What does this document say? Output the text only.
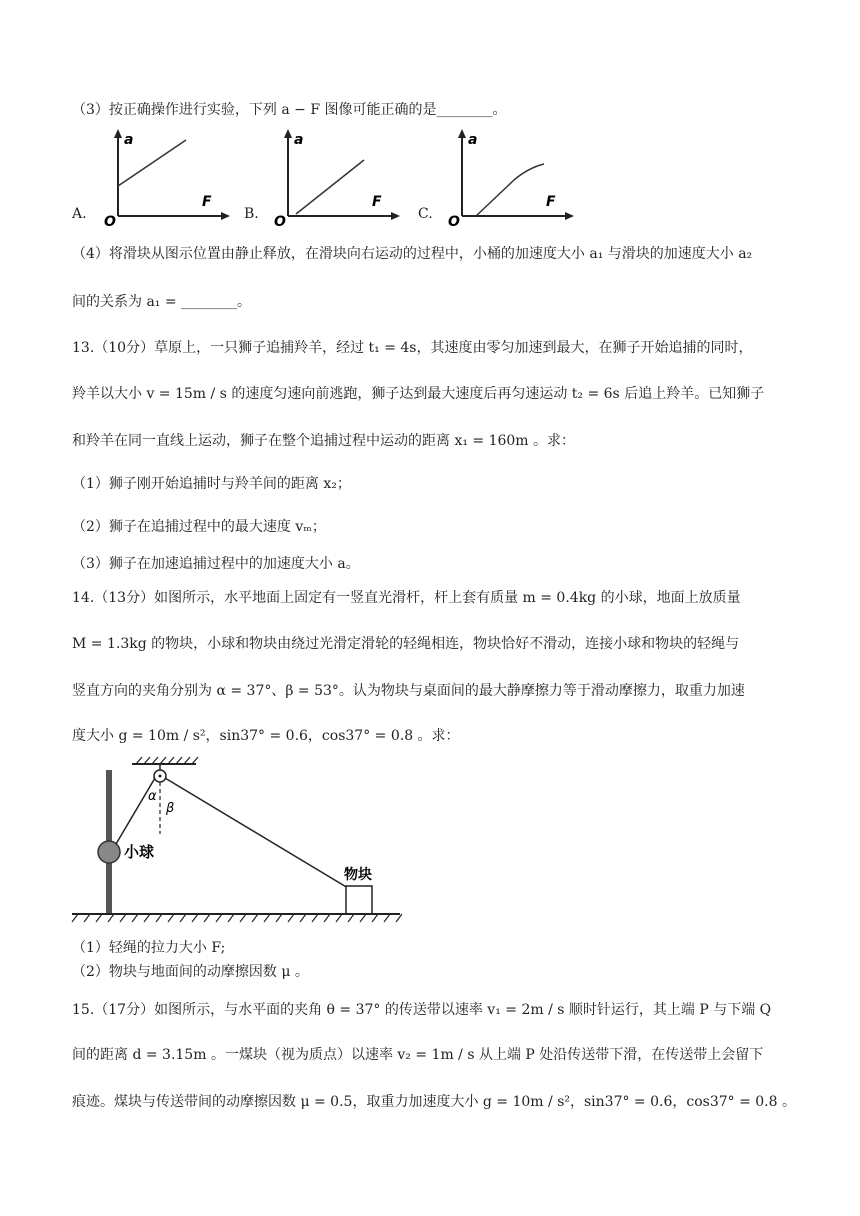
（3）按正确操作进行实验，下列 a − F 图像可能正确的是________。
A.
a
F
O	B.
a
F
O	C.
a
F
O
（4）将滑块从图示位置由静止释放，在滑块向右运动的过程中，小桶的加速度大小 a₁ 与滑块的加速度大小 a₂
间的关系为 a₁ = ________。
13.（10分）草原上，一只狮子追捕羚羊，经过 t₁ = 4s，其速度由零匀加速到最大，在狮子开始追捕的同时，
羚羊以大小 v = 15m / s 的速度匀速向前逃跑，狮子达到最大速度后再匀速运动 t₂ = 6s 后追上羚羊。已知狮子
和羚羊在同一直线上运动，狮子在整个追捕过程中运动的距离 x₁ = 160m 。求：
（1）狮子刚开始追捕时与羚羊间的距离 x₂；
（2）狮子在追捕过程中的最大速度 vₘ；
（3）狮子在加速追捕过程中的加速度大小 a。
14.（13分）如图所示，水平地面上固定有一竖直光滑杆，杆上套有质量 m = 0.4kg 的小球，地面上放质量
M = 1.3kg 的物块，小球和物块由绕过光滑定滑轮的轻绳相连，物块恰好不滑动，连接小球和物块的轻绳与
竖直方向的夹角分别为 α = 37°、β = 53°。认为物块与桌面间的最大静摩擦力等于滑动摩擦力，取重力加速
度大小 g = 10m / s²，sin37° = 0.6，cos37° = 0.8 。求：
α
β
小球
物块
（1）轻绳的拉力大小 F;
（2）物块与地面间的动摩擦因数 μ 。
15.（17分）如图所示，与水平面的夹角 θ = 37° 的传送带以速率 v₁ = 2m / s 顺时针运行，其上端 P 与下端 Q
间的距离 d = 3.15m 。一煤块（视为质点）以速率 v₂ = 1m / s 从上端 P 处沿传送带下滑，在传送带上会留下
痕迹。煤块与传送带间的动摩擦因数 μ = 0.5，取重力加速度大小 g = 10m / s²，sin37° = 0.6，cos37° = 0.8 。
